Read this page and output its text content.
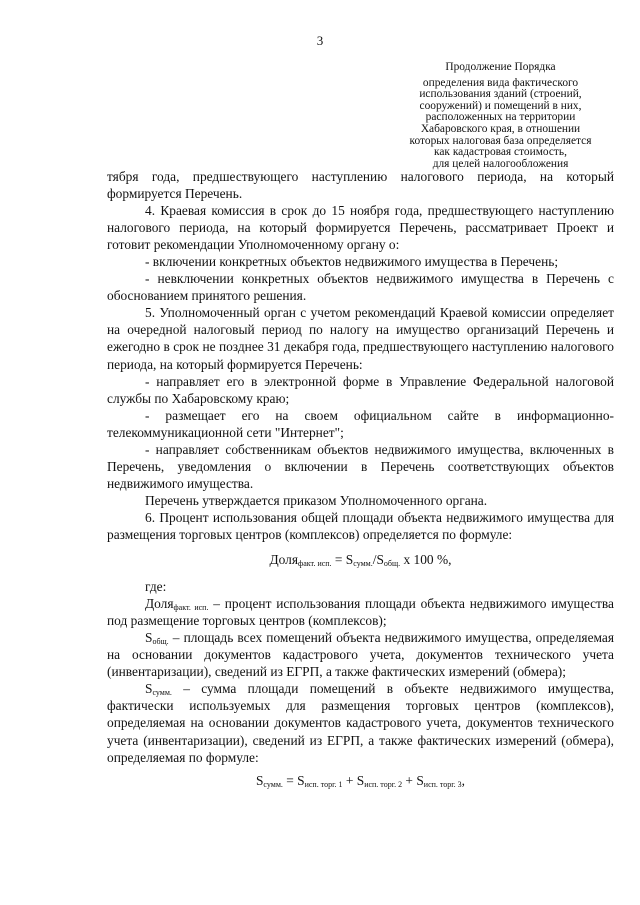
3
Продолжение Порядка
определения вида фактического
использования зданий (строений,
сооружений) и помещений в них,
расположенных на территории
Хабаровского края, в отношении
которых налоговая база определяется
как кадастровая стоимость,
для целей налогообложения

тября года, предшествующего наступлению налогового периода, на который формируется Перечень.

4. Краевая комиссия в срок до 15 ноября года, предшествующего наступлению налогового периода, на который формируется Перечень, рассматривает Проект и готовит рекомендации Уполномоченному органу о:

- включении конкретных объектов недвижимого имущества в Перечень;

- невключении конкретных объектов недвижимого имущества в Перечень с обоснованием принятого решения.

5. Уполномоченный орган с учетом рекомендаций Краевой комиссии определяет на очередной налоговый период по налогу на имущество организаций Перечень и ежегодно в срок не позднее 31 декабря года, предшествующего наступлению налогового периода, на который формируется Перечень:

- направляет его в электронной форме в Управление Федеральной налоговой службы по Хабаровскому краю;

- размещает его на своем официальном сайте в информационно-телекоммуникационной сети "Интернет";

- направляет собственникам объектов недвижимого имущества, включенных в Перечень, уведомления о включении в Перечень соответствующих объектов недвижимого имущества.

Перечень утверждается приказом Уполномоченного органа.

6. Процент использования общей площади объекта недвижимого имущества для размещения торговых центров (комплексов) определяется по формуле:

Доля$_{факт. исп.}$ = $S_{сумм.}/S_{общ.}$ х 100 %,

где:

Доля$_{факт. исп.}$ – процент использования площади объекта недвижимого имущества под размещение торговых центров (комплексов);

$S_{общ.}$ – площадь всех помещений объекта недвижимого имущества, определяемая на основании документов кадастрового учета, документов технического учета (инвентаризации), сведений из ЕГРП, а также фактических измерений (обмера);

$S_{сумм.}$ – сумма площади помещений в объекте недвижимого имущества, фактически используемых для размещения торговых центров (комплексов), определяемая на основании документов кадастрового учета, документов технического учета (инвентаризации), сведений из ЕГРП, а также фактических измерений (обмера), определяемая по формуле:

$S_{сумм.} = S_{исп. торг. 1} + S_{исп. торг. 2} + S_{исп. торг. 3}$,
